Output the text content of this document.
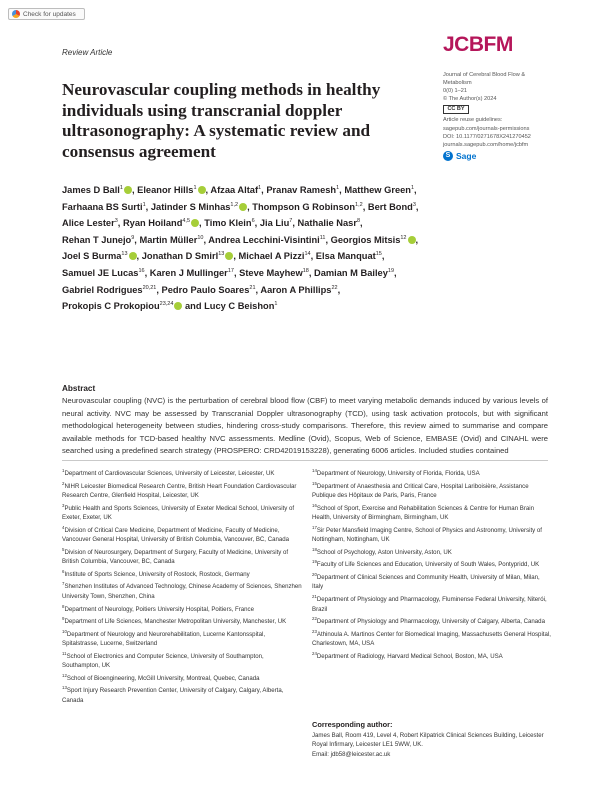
Check for updates
Review Article	JCBFM
Journal of Cerebral Blood Flow &
Metabolism
0(0) 1–21
© The Author(s) 2024
CC BY
Article reuse guidelines:
sagepub.com/journals-permissions
DOI: 10.1177/0271678X241270452
journals.sagepub.com/home/jcbfm
S Sage
Neurovascular coupling methods in healthy individuals using transcranial doppler ultrasonography: A systematic review and consensus agreement
James D Ball$^1$ , Eleanor Hills$^1$ , Afzaa Altaf$^1$, Pranav Ramesh$^1$, Matthew Green$^1$, Farhaana BS Surti$^1$, Jatinder S Minhas$^{1,2}$ , Thompson G Robinson$^{1,2}$, Bert Bond$^3$, Alice Lester$^3$, Ryan Hoiland$^{4,5}$ , Timo Klein$^6$, Jia Liu$^7$, Nathalie Nasr$^8$, Rehan T Junejo$^9$, Martin Müller$^{10}$, Andrea Lecchini-Visintini$^{11}$, Georgios Mitsis$^{12}$ , Joel S Burma$^{13}$ , Jonathan D Smirl$^{13}$ , Michael A Pizzi$^{14}$, Elsa Manquat$^{15}$, Samuel JE Lucas$^{16}$, Karen J Mullinger$^{17}$, Steve Mayhew$^{18}$, Damian M Bailey$^{19}$, Gabriel Rodrigues$^{20,21}$, Pedro Paulo Soares$^{21}$, Aaron A Phillips$^{22}$, Prokopis C Prokopiou$^{23,24}$ and Lucy C Beishon$^1$
Abstract

Neurovascular coupling (NVC) is the perturbation of cerebral blood flow (CBF) to meet varying metabolic demands induced by various levels of neural activity. NVC may be assessed by Transcranial Doppler ultrasonography (TCD), using task activation protocols, but with significant methodological heterogeneity between studies, hindering cross-study comparisons. Therefore, this review aimed to summarise and compare available methods for TCD-based healthy NVC assessments. Medline (Ovid), Scopus, Web of Science, EMBASE (Ovid) and CINAHL were searched using a predefined search strategy (PROSPERO: CRD42019153228), generating 6006 articles. Included studies contained

$^1$Department of Cardiovascular Sciences, University of Leicester, Leicester, UK
$^2$NIHR Leicester Biomedical Research Centre, British Heart Foundation Cardiovascular Research Centre, Glenfield Hospital, Leicester, UK
$^3$Public Health and Sports Sciences, University of Exeter Medical School, University of Exeter, Exeter, UK
$^4$Division of Critical Care Medicine, Department of Medicine, Faculty of Medicine, Vancouver General Hospital, University of British Columbia, Vancouver, BC, Canada
$^5$Division of Neurosurgery, Department of Surgery, Faculty of Medicine, University of British Columbia, Vancouver, BC, Canada
$^6$Institute of Sports Science, University of Rostock, Rostock, Germany
$^7$Shenzhen Institutes of Advanced Technology, Chinese Academy of Sciences, Shenzhen University Town, Shenzhen, China
$^8$Department of Neurology, Poitiers University Hospital, Poitiers, France
$^9$Department of Life Sciences, Manchester Metropolitan University, Manchester, UK
$^{10}$Department of Neurology and Neurorehabilitation, Lucerne Kantonsspital, Spitalstrasse, Lucerne, Switzerland
$^{11}$School of Electronics and Computer Science, University of Southampton, Southampton, UK
$^{12}$School of Bioengineering, McGill University, Montreal, Quebec, Canada
$^{13}$Sport Injury Research Prevention Center, University of Calgary, Calgary, Alberta, Canada
$^{14}$Department of Neurology, University of Florida, Florida, USA
$^{15}$Department of Anaesthesia and Critical Care, Hospital Lariboisière, Assistance Publique des Hôpitaux de Paris, Paris, France
$^{16}$School of Sport, Exercise and Rehabilitation Sciences & Centre for Human Brain Health, University of Birmingham, Birmingham, UK
$^{17}$Sir Peter Mansfield Imaging Centre, School of Physics and Astronomy, University of Nottingham, Nottingham, UK
$^{18}$School of Psychology, Aston University, Aston, UK
$^{19}$Faculty of Life Sciences and Education, University of South Wales, Pontypridd, UK
$^{20}$Department of Clinical Sciences and Community Health, University of Milan, Milan, Italy
$^{21}$Department of Physiology and Pharmacology, Fluminense Federal University, Niterói, Brazil
$^{22}$Department of Physiology and Pharmacology, University of Calgary, Alberta, Canada
$^{23}$Athinoula A. Martinos Center for Biomedical Imaging, Massachusetts General Hospital, Charlestown, MA, USA
$^{24}$Department of Radiology, Harvard Medical School, Boston, MA, USA
Corresponding author:
James Ball, Room 419, Level 4, Robert Kilpatrick Clinical Sciences Building, Leicester Royal Infirmary, Leicester LE1 5WW, UK.
Email: jdb58@leicester.ac.uk
